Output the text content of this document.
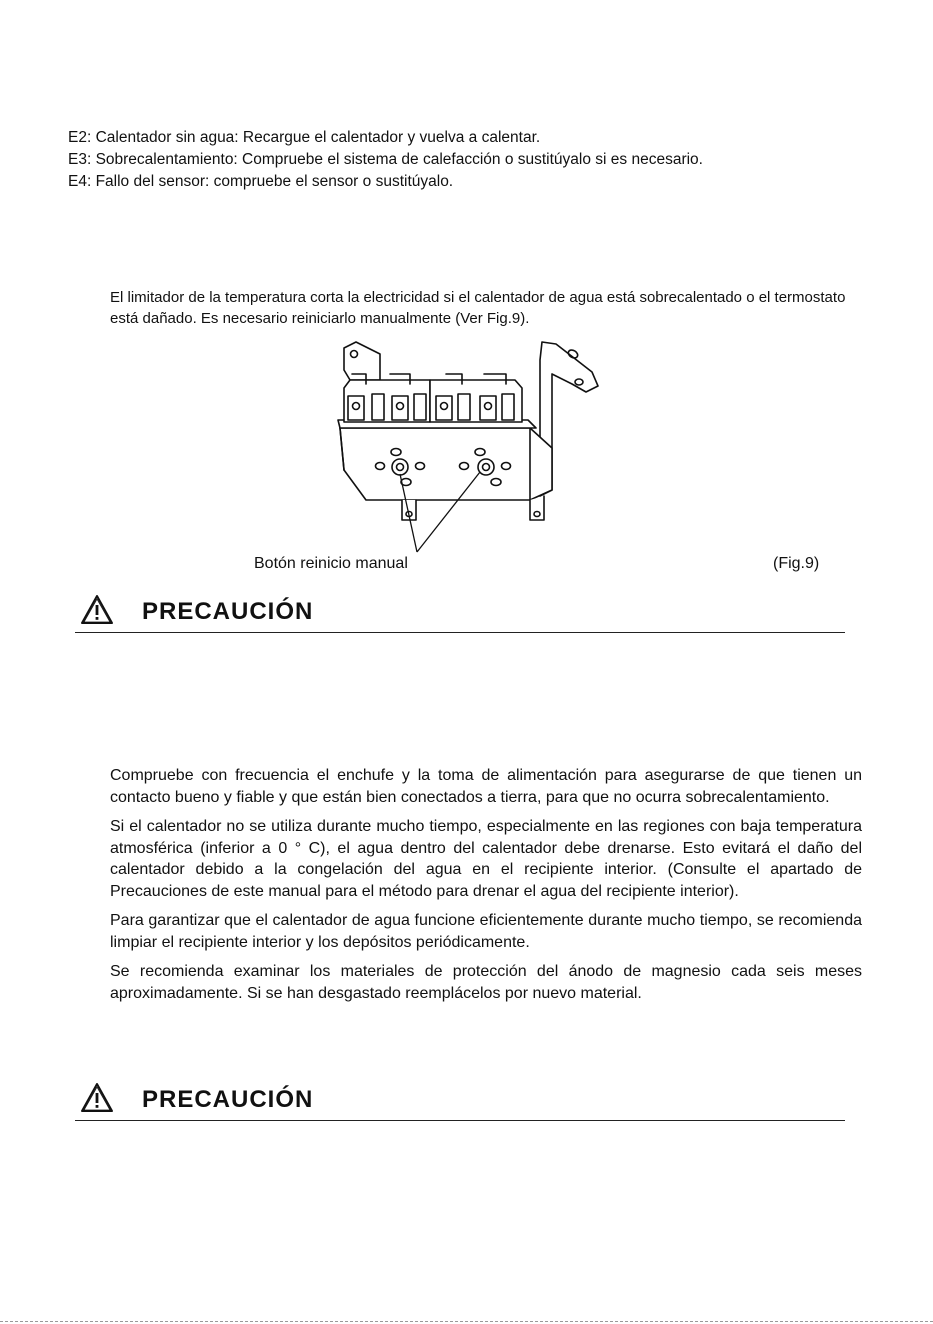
E2: Calentador sin agua: Recargue el calentador y vuelva a calentar.
E3: Sobrecalentamiento: Compruebe el sistema de calefacción o sustitúyalo si es necesario.
E4: Fallo del sensor: compruebe el sensor o sustitúyalo.
El limitador de la temperatura corta la electricidad si el calentador de agua está sobrecalentado o el termostato está dañado. Es necesario reiniciarlo manualmente (Ver Fig.9).
Botón reinicio manual	(Fig.9)
PRECAUCIÓN

Compruebe con frecuencia el enchufe y la toma de alimentación para asegurarse de que tienen un contacto bueno y fiable y que están bien conectados a tierra, para que no ocurra sobrecalentamiento.

Si el calentador no se utiliza durante mucho tiempo, especialmente en las regiones con baja temperatura atmosférica (inferior a 0 ° C), el agua dentro del calentador debe drenarse. Esto evitará el daño del calentador debido a la congelación del agua en el recipiente interior. (Consulte el apartado de Precauciones de este manual para el método para drenar el agua del recipiente interior).

Para garantizar que el calentador de agua funcione eficientemente durante mucho tiempo, se recomienda limpiar el recipiente interior y los depósitos periódicamente.

Se recomienda examinar los materiales de protección del ánodo de magnesio cada seis meses aproximadamente. Si se han desgastado reemplácelos por nuevo material.

PRECAUCIÓN
